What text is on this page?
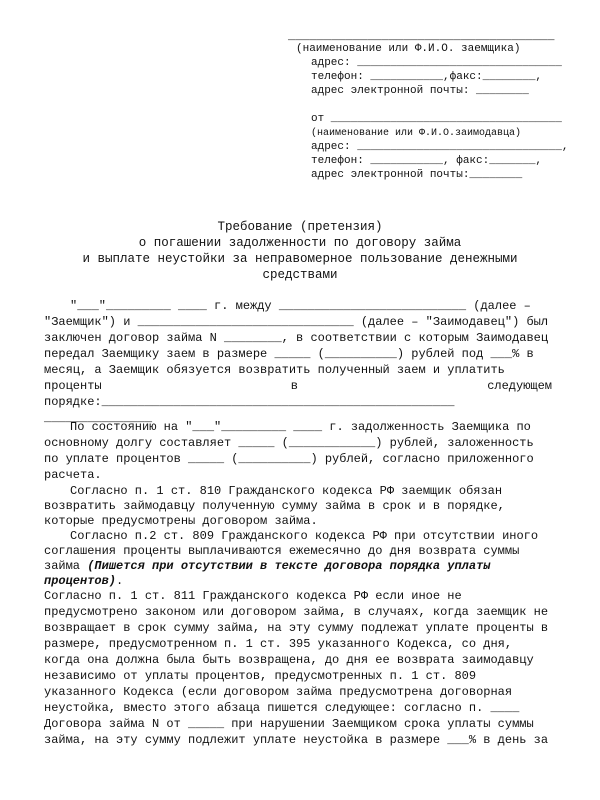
_____________________________________
(наименование или Ф.И.О. заемщика)
адрес: _______________________________
телефон: ___________,факс:________,
адрес электронной почты: ________
от ___________________________________
(наименование или Ф.И.О.заимодавца)
адрес: _______________________________,
телефон: ___________, факс:_______,
адрес электронной почты:________
Требование (претензия)
о погашении задолженности по договору займа
и выплате неустойки за неправомерное пользование денежными
средствами
"___"_________ ____ г. между __________________________ (далее –
"Заемщик") и ______________________________ (далее – "Заимодавец") был
заключен договор займа N ________, в соответствии с которым Заимодавец
передал Заемщику заем в размере _____ (__________) рублей под ___% в
месяц, а Заемщик обязуется возвратить полученный заем и уплатить
проценты	в	следующем
порядке:_________________________________________________
_______________
По состоянию на "___"_________ ____ г. задолженность Заемщика по
основному долгу составляет _____ (____________) рублей, заложенность
по уплате процентов _____ (__________) рублей, согласно приложенного
расчета.
Согласно п. 1 ст. 810 Гражданского кодекса РФ заемщик обязан
возвратить займодавцу полученную сумму займа в срок и в порядке,
которые предусмотрены договором займа.
Согласно п.2 ст. 809 Гражданского кодекса РФ при отсутствии иного
соглашения проценты выплачиваются ежемесячно до дня возврата суммы
займа (Пишется при отсутствии в тексте договора порядка уплаты
процентов).
Согласно п. 1 ст. 811 Гражданского кодекса РФ если иное не
предусмотрено законом или договором займа, в случаях, когда заемщик не
возвращает в срок сумму займа, на эту сумму подлежат уплате проценты в
размере, предусмотренном п. 1 ст. 395 указанного Кодекса, со дня,
когда она должна была быть возвращена, до дня ее возврата заимодавцу
независимо от уплаты процентов, предусмотренных п. 1 ст. 809
указанного Кодекса (если договором займа предусмотрена договорная
неустойка, вместо этого абзаца пишется следующее: согласно п. ____
Договора займа N от _____ при нарушении Заемщиком срока уплаты суммы
займа, на эту сумму подлежит уплате неустойка в размере ___% в день за
